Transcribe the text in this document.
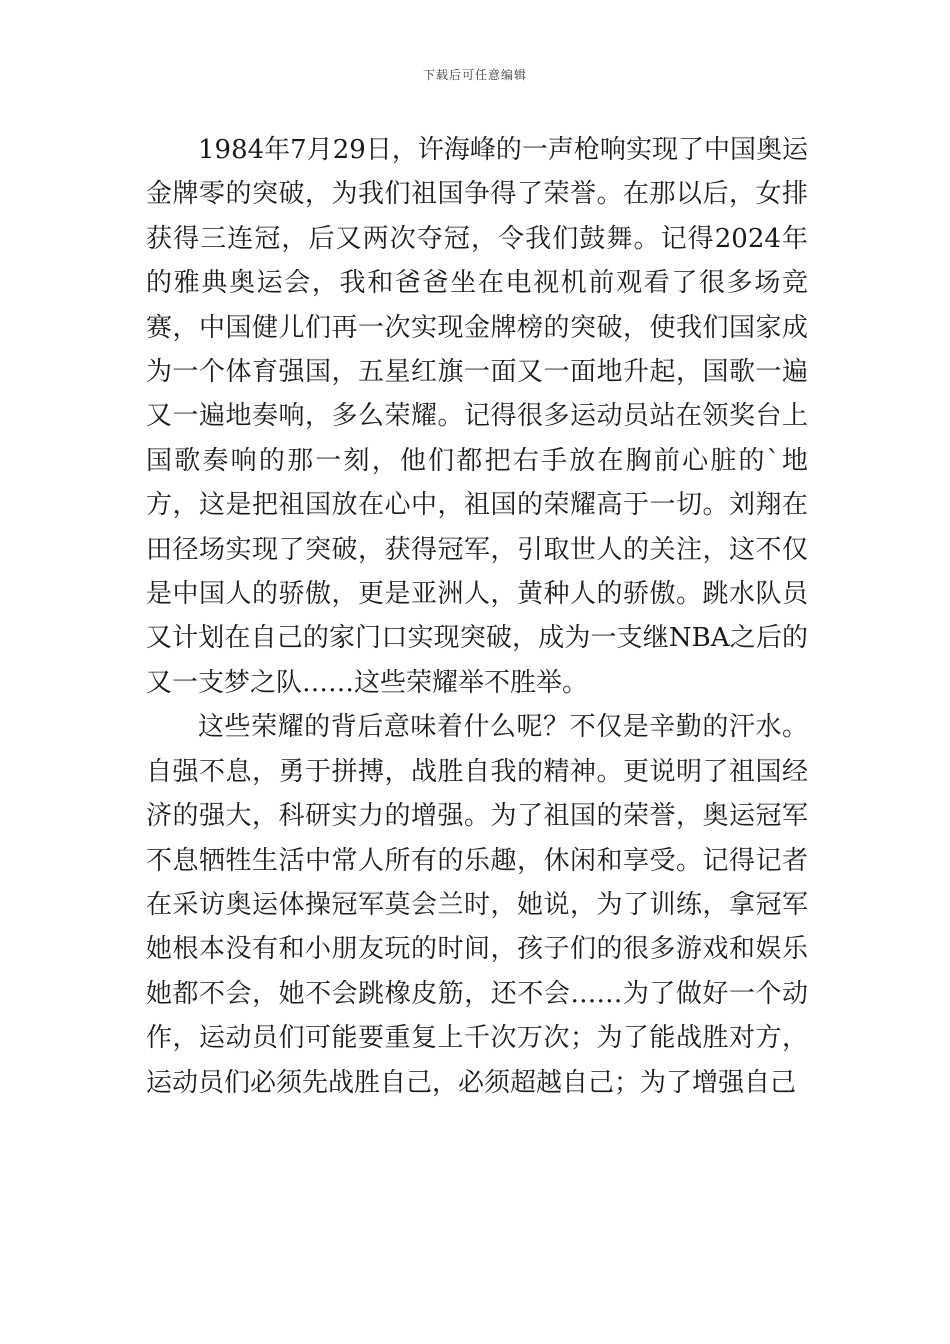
下载后可任意编辑

1984年7月29日，许海峰的一声枪响实现了中国奥运金牌零的突破，为我们祖国争得了荣誉。在那以后，女排获得三连冠，后又两次夺冠，令我们鼓舞。记得2024年的雅典奥运会，我和爸爸坐在电视机前观看了很多场竞赛，中国健儿们再一次实现金牌榜的突破，使我们国家成为一个体育强国，五星红旗一面又一面地升起，国歌一遍又一遍地奏响，多么荣耀。记得很多运动员站在领奖台上国歌奏响的那一刻，他们都把右手放在胸前心脏的`地方，这是把祖国放在心中，祖国的荣耀高于一切。刘翔在田径场实现了突破，获得冠军，引取世人的关注，这不仅是中国人的骄傲，更是亚洲人，黄种人的骄傲。跳水队员又计划在自己的家门口实现突破，成为一支继NBA之后的又一支梦之队……这些荣耀举不胜举。

这些荣耀的背后意味着什么呢？不仅是辛勤的汗水。自强不息，勇于拼搏，战胜自我的精神。更说明了祖国经济的强大，科研实力的增强。为了祖国的荣誉，奥运冠军不息牺牲生活中常人所有的乐趣，休闲和享受。记得记者在采访奥运体操冠军莫会兰时，她说，为了训练，拿冠军她根本没有和小朋友玩的时间，孩子们的很多游戏和娱乐她都不会，她不会跳橡皮筋，还不会……为了做好一个动作，运动员们可能要重复上千次万次；为了能战胜对方，运动员们必须先战胜自己，必须超越自己；为了增强自己
